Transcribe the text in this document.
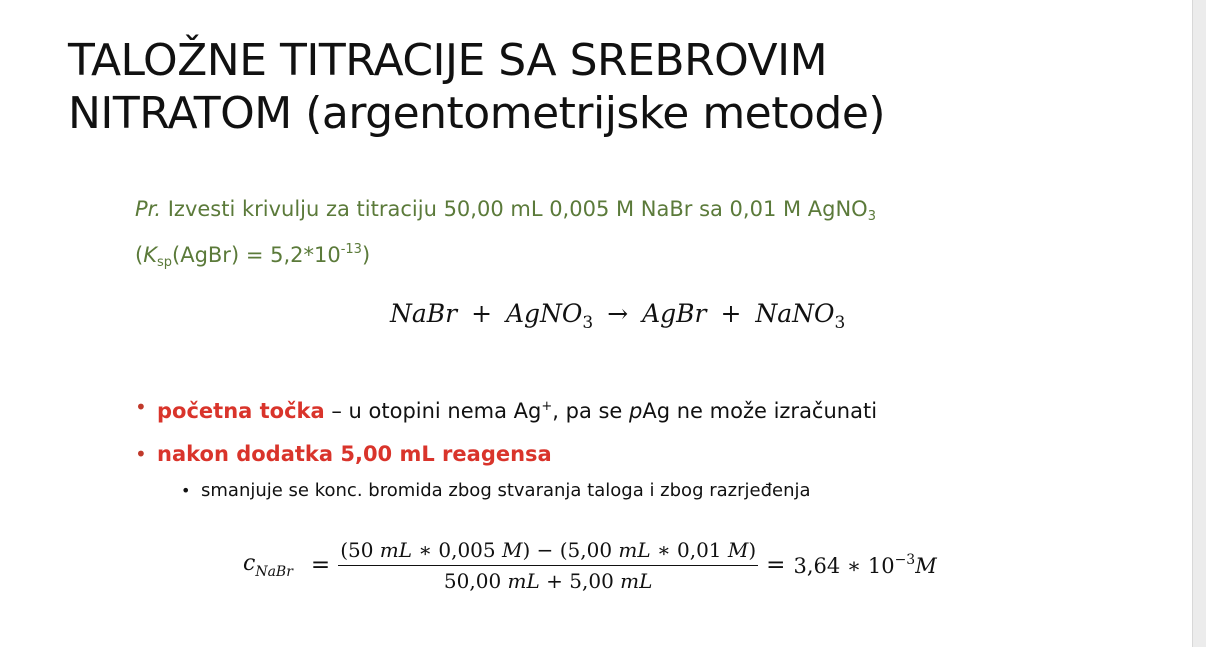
TALOŽNE TITRACIJE SA SREBROVIM
NITRATOM (argentometrijske metode)
Pr. Izvesti krivulju za titraciju 50,00 mL 0,005 M NaBr sa 0,01 M AgNO$_3$
$(K_{sp}(AgBr) = 5,2*10^{-13})$
NaBr + AgNO$_3$ → AgBr + NaNO$_3$
• početna točka – u otopini nema Ag+, pa se pAg ne može izračunati
• nakon dodatka 5,00 mL reagensa
• smanjuje se konc. bromida zbog stvaranja taloga i zbog razrjeđenja
$c_{NaBr} = \frac{(50 mL ∗ 0,005 M) - (5,00 mL ∗ 0,01 M)}{50,00 mL + 5,00 mL} = 3,64$ ∗ $10^{-3}M$
